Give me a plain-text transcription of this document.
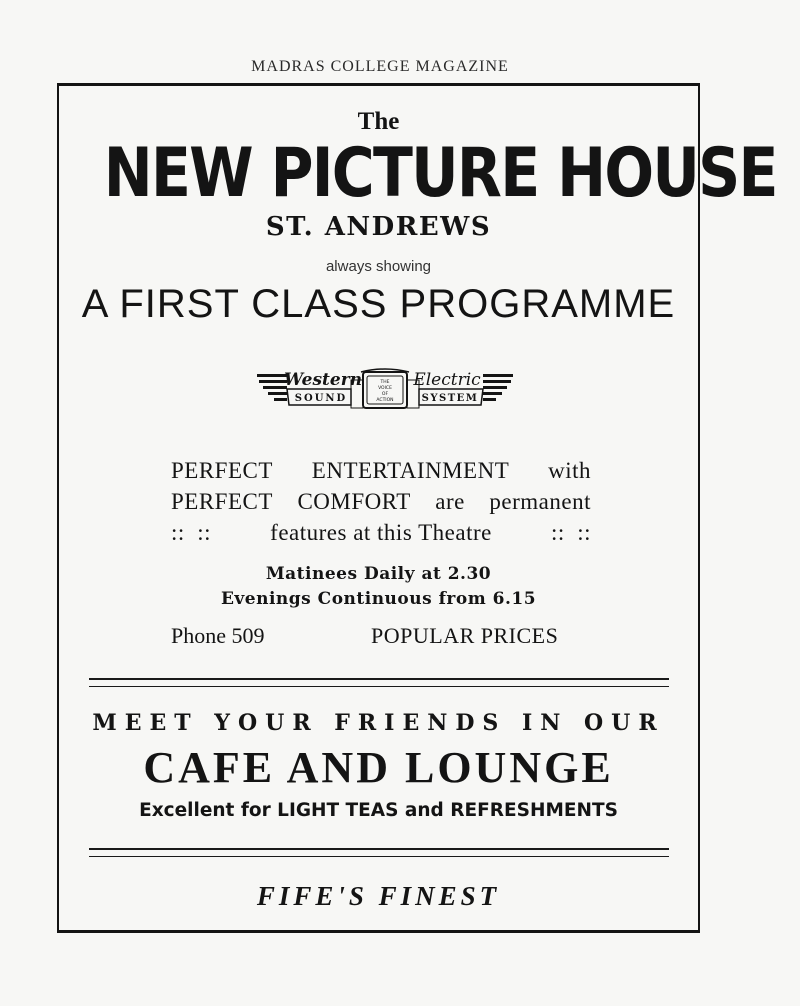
MADRAS COLLEGE MAGAZINE
The
NEW PICTURE HOUSE
ST. ANDREWS
always showing
A FIRST CLASS PROGRAMME
Western	Electric
SOUND	SYSTEM
THE
VOICE
OF
ACTION
PERFECT ENTERTAINMENT with
PERFECT COMFORT are permanent
::  ::	features at this Theatre	::  ::
Matinees Daily at 2.30
Evenings Continuous from 6.15
Phone 509	POPULAR PRICES
MEET YOUR FRIENDS IN OUR
CAFE AND LOUNGE
Excellent for LIGHT TEAS and REFRESHMENTS
FIFE'S FINEST
